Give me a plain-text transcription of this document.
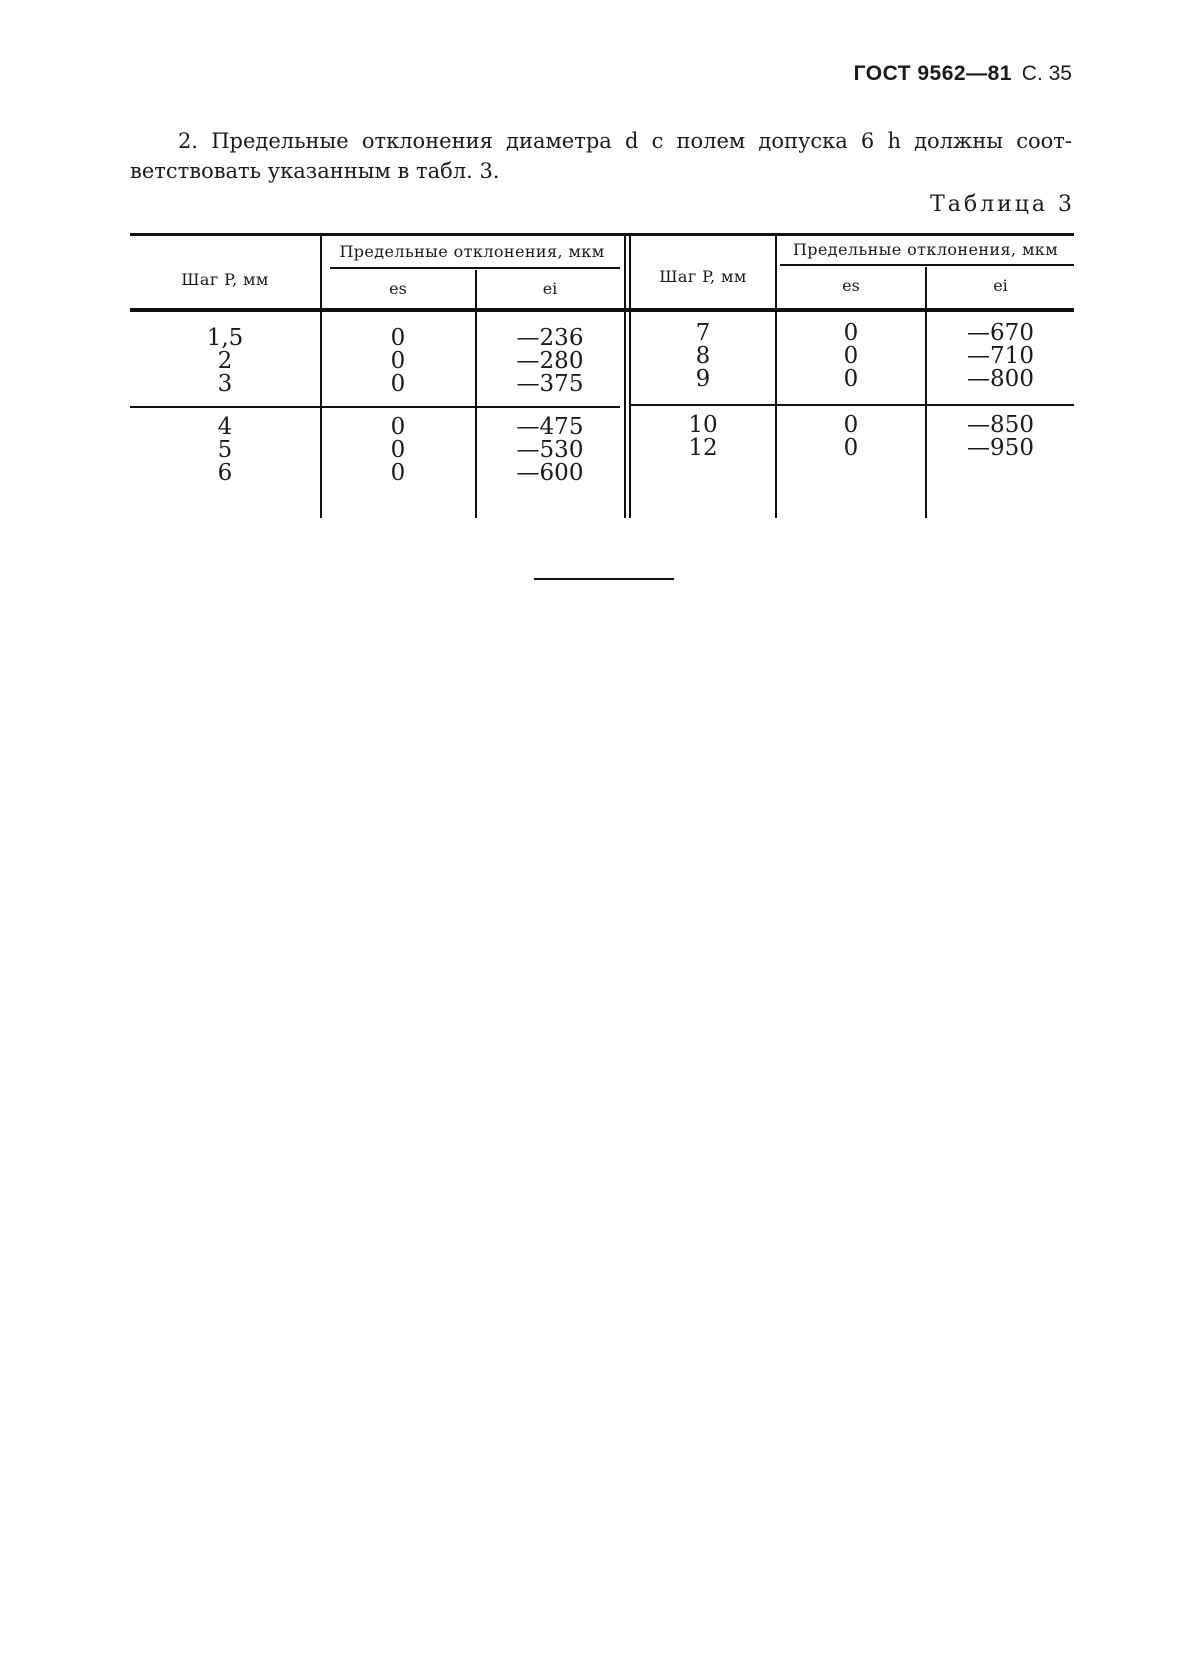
ГОСТ 9562—81 С. 35

2. Предельные отклонения диаметра d с полем допуска 6 h должны соот-

ветствовать указанным в табл. 3.

Таблица 3
Шаг P, мм
Предельные отклонения, мкм
es	ei
Шаг P, мм
Предельные отклонения, мкм
es	ei
1,5
2
3
0
0
0
—236
—280
—375
4
5
6
0
0
0
—475
—530
—600
7
8
9
0
0
0
—670
—710
—800
10
12
0
0
—850
—950
